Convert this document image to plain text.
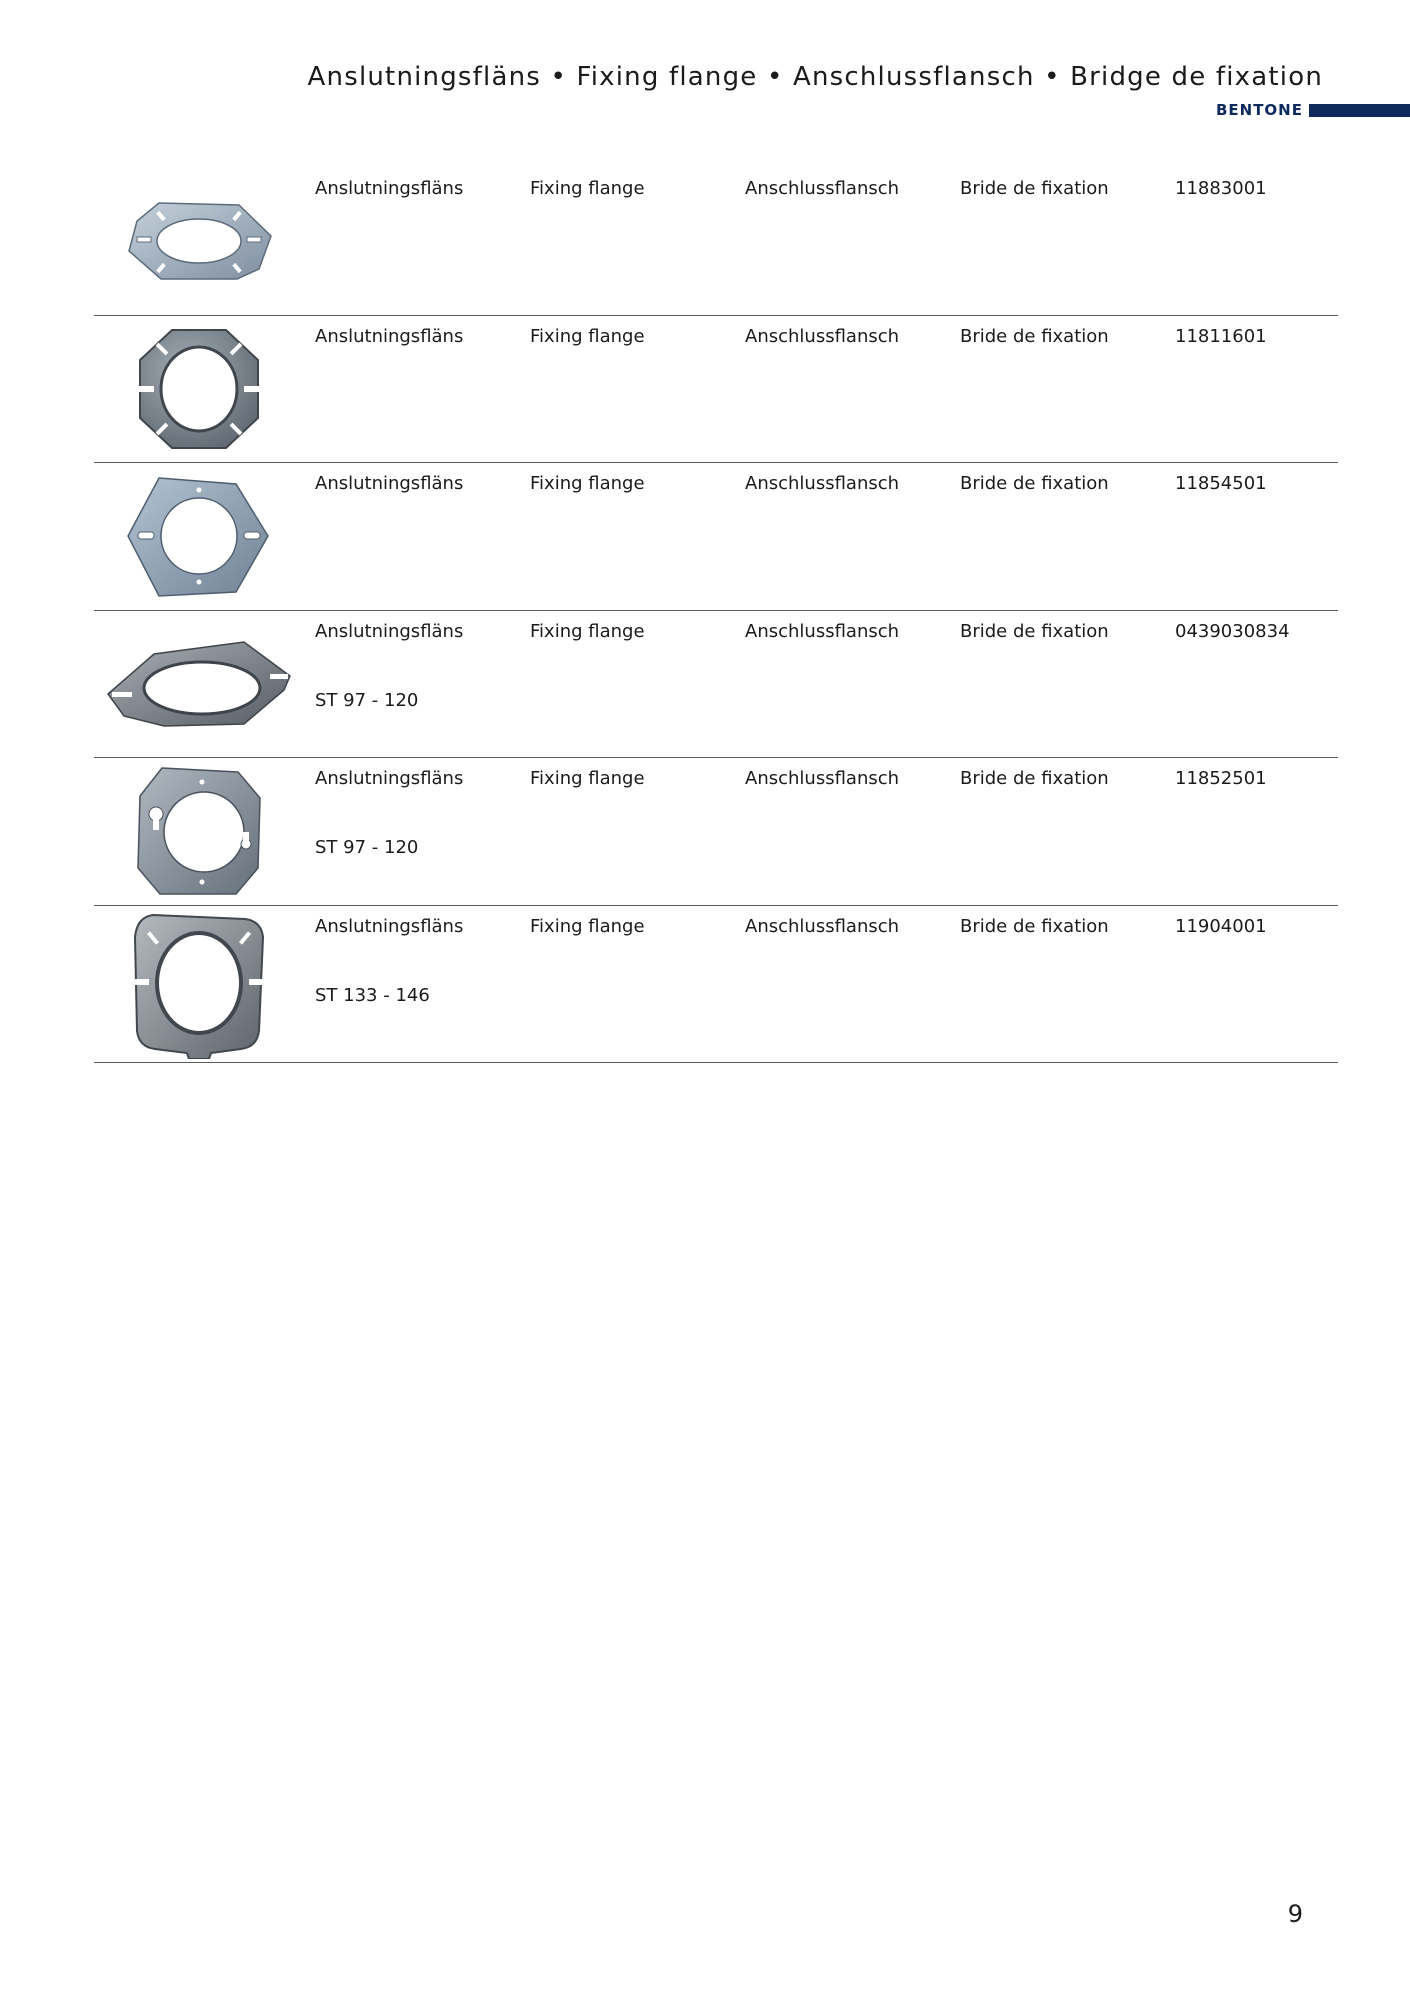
Anslutningsfläns • Fixing flange • Anschlussflansch • Bridge de fixation
BENTONE
Anslutningsfläns	Fixing flange	Anschlussflansch	Bride de fixation	11883001
Anslutningsfläns	Fixing flange	Anschlussflansch	Bride de fixation	11811601
Anslutningsfläns	Fixing flange	Anschlussflansch	Bride de fixation	11854501
Anslutningsfläns	Fixing flange	Anschlussflansch	Bride de fixation	0439030834
ST 97 - 120
Anslutningsfläns	Fixing flange	Anschlussflansch	Bride de fixation	11852501
ST 97 - 120
Anslutningsfläns	Fixing flange	Anschlussflansch	Bride de fixation	11904001
ST 133 - 146
9
